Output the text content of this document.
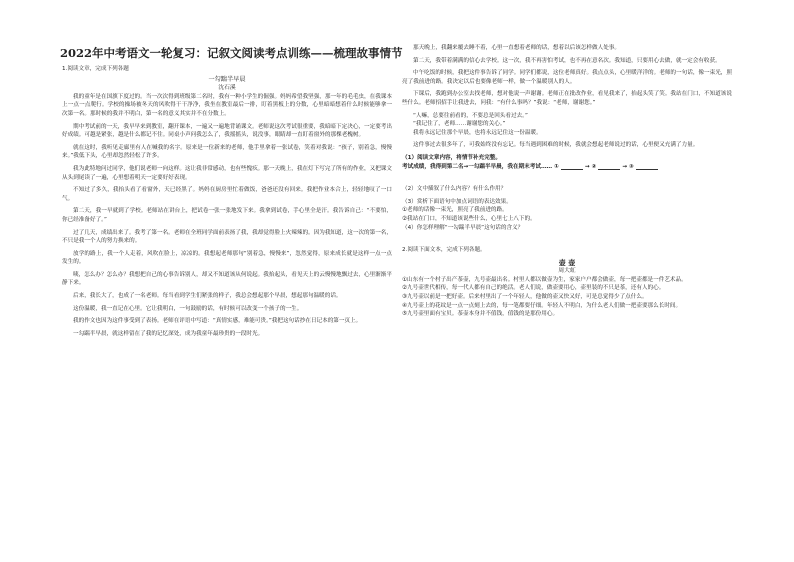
2022年中考语文一轮复习：记叙文阅读考点训练——梳理故事情节
1.阅读文章，完成下列各题
一勾踹半早晨
沈石溪

我的童年是在国旗下度过的。当一次次得到班级第二名时，我有一种小学生的倔强。妈妈希望我坚强，那一年的毛毛虫，在我课本上一点一点爬行。学校的操场被冬天的风吹得干干净净，我坐在教室最后一排，盯着黑板上的分数，心里暗暗想着什么时候能够拿一次第一名。那时候的我并不明白，第一名的意义其实并不在分数上。

期中考试前的一天，我早早来到教室，翻开课本，一遍又一遍地背诵课文。老师说这次考试很重要，我暗暗下定决心，一定要考出好成绩。可越是紧张，越是什么都记不住。同桌小声问我怎么了，我摇摇头，说没事，眼睛却一直盯着窗外的那棵老槐树。

就在这时，我听见走廊里有人在喊我的名字。原来是一位新来的老师，他手里拿着一张试卷，笑着对我说：“孩子，别着急，慢慢来。”我低下头，心里却忽然轻松了许多。

我为此特地问过同学，他们说老师一向这样。这让我非常感动，也有些愧疚。那一天晚上，我在灯下写完了所有的作业，又把课文从头到尾读了一遍，心里想着明天一定要好好表现。

不知过了多久，我抬头看了看窗外，天已经黑了。妈妈在厨房里忙着做饭，爸爸还没有回来。我把作业本合上，轻轻地叹了一口气。

第二天，我一早就到了学校。老师站在讲台上，把试卷一张一张地发下来。我拿到试卷，手心里全是汗。我告诉自己：“不要怕，你已经准备好了。”

过了几天，成绩出来了。我考了第一名。老师在全班同学面前表扬了我，我却觉得脸上火辣辣的。因为我知道，这一次的第一名，不只是我一个人的努力换来的。

放学的路上，我一个人走着，风吹在脸上，凉凉的。我想起老师那句“别着急，慢慢来”，忽然觉得，原来成长就是这样一点一点发生的。

咦，怎么办？怎么办？我想把自己的心事告诉别人，却又不知道该从何说起。我抬起头，看见天上的云慢慢地飘过去，心里渐渐平静下来。

后来，我长大了，也成了一名老师。每当看到学生们紧张的样子，我总会想起那个早晨，想起那句温暖的话。

这份温暖，我一直记在心里。它让我明白，一句鼓励的话，有时候可以改变一个孩子的一生。

我的作文也因为这件事受到了表扬。老师在评语中写道：“真情实感，难能可贵。”我把这句话抄在日记本的第一页上。

一勾踹半早晨，就这样留在了我的记忆深处，成为我童年最珍贵的一段时光。

那天晚上，我翻来覆去睡不着，心里一直想着老师的话，想着以后该怎样做人处事。

第二天，我带着满满的信心去学校。这一次，我不再害怕考试，也不再在意名次。我知道，只要用心去做，就一定会有收获。

中午吃饭的时候，我把这件事告诉了同学。同学们都说，这位老师真好。我点点头，心里暖洋洋的。老师的一句话，像一束光，照亮了我前进的路。我决定以后也要像老师一样，做一个温暖别人的人。

下课后，我跑到办公室去找老师，想对他说一声谢谢。老师正在批改作业，看见我来了，抬起头笑了笑。我站在门口，不知道该说些什么。老师招招手让我进去，问我：“有什么事吗？”我说：“老师，谢谢您。”

“人嘛，总要往前看的，不要总是回头看过去。”

“我记住了，老师……谢谢您的关心。”

我将永远记住那个早晨，也将永远记住这一份温暖。

这件事过去很多年了，可我始终没有忘记。每当遇到困难的时候，我就会想起老师说过的话，心里便又充满了力量。

（1）阅读文章内容，将情节补充完整。
考试成绩，我得到第二名→一勾踹半早晨，我在期末考试…… ①	→ ②	→ ③
（2）文中插叙了什么内容？有什么作用？
（3）赏析下面语句中加点词语的表达效果。
①老师的话像一束光，照亮了我前进的路。
②我站在门口，不知道该说些什么，心里七上八下的。
（4）你怎样理解“一勾踹半早晨”这句话的含义？
2.阅读下面文本，完成下列各题。
壶 壶
周大虹

①山东有一个村子出产茶壶，九号壶最出名。村里人都以做壶为生，家家户户都会做壶，每一把壶都是一件艺术品。

②九号壶世代相传，每一代人都有自己的绝活。老人们说，做壶要用心，壶里装的不只是茶，还有人的心。

③九号壶以前是一把好壶。后来村里出了一个年轻人，他做的壶又快又好，可是总觉得少了点什么。

④九号壶上的花纹是一点一点刻上去的，每一笔都要仔细。年轻人不明白，为什么老人们做一把壶要那么长时间。

⑤九号壶里面有宝贝。茶壶本身并不值钱，值钱的是那份用心。
